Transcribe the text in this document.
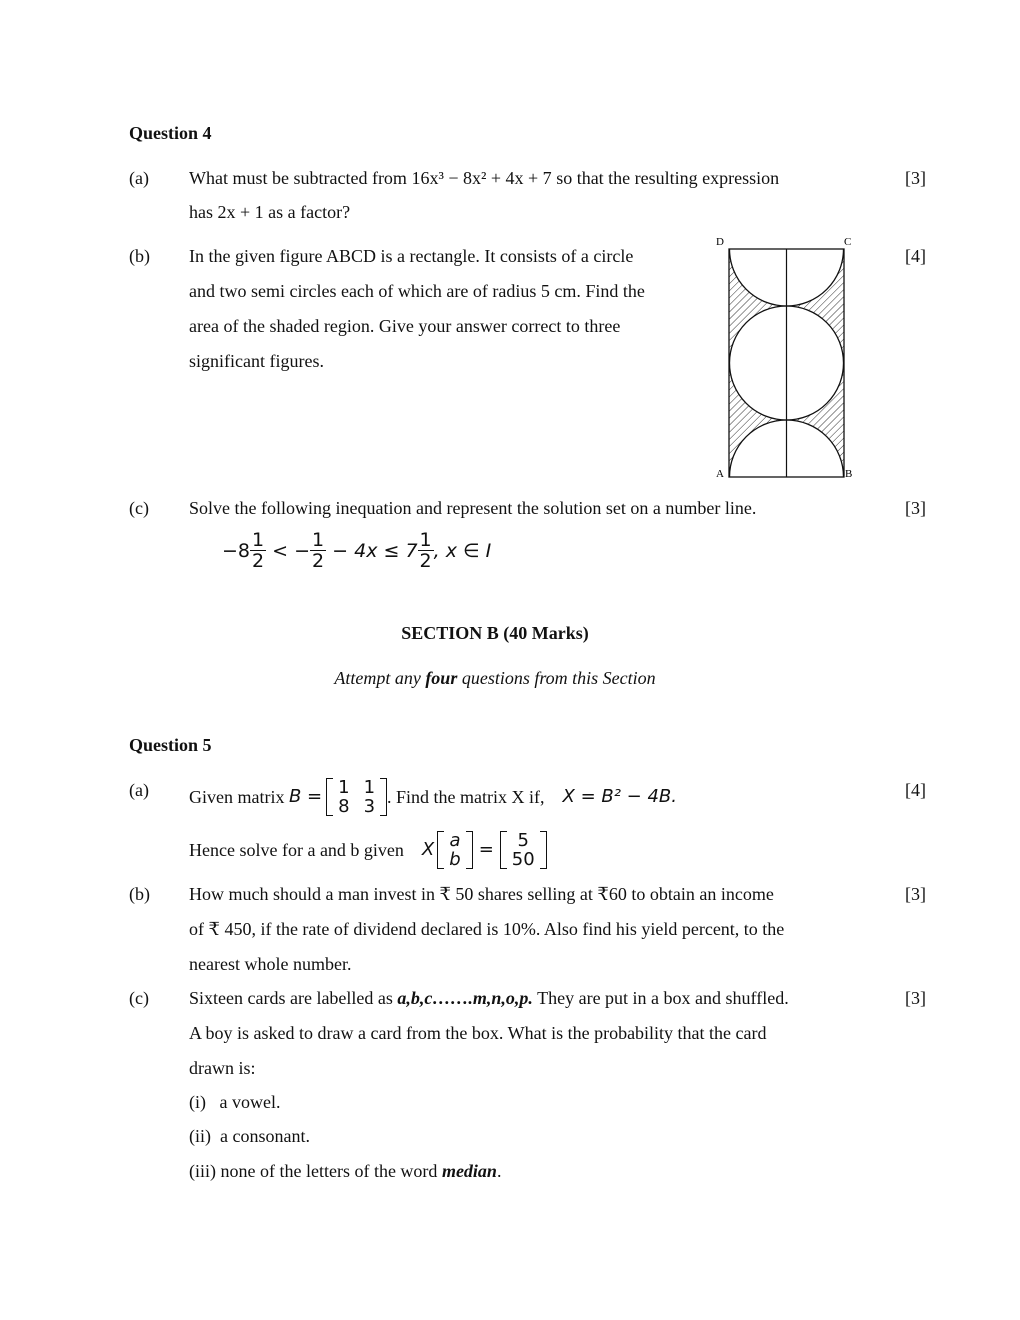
Question 4
(a) What must be subtracted from 16x³ − 8x² + 4x + 7 so that the resulting expression
has 2x + 1 as a factor?
[3]
(b) In the given figure ABCD is a rectangle. It consists of a circle
and two semi circles each of which are of radius 5 cm. Find the
area of the shaded region. Give your answer correct to three
significant figures.
[4]
D	C
A	B
(c) Solve the following inequation and represent the solution set on a number line.	[3]
$-8 \frac{1}{2}$ < − $\frac{1}{2} - 4x \le 7 \frac{1}{2}$ , x ∈ I
SECTION B (40 Marks)
Attempt any four questions from this Section
Question 5
(a)	[4]
Given matrix B = 1 1
8 3 . Find the matrix X if, X = B² − 4B.
Hence solve for a and b given X a
b =	5
50
(b) How much should a man invest in ₹ 50 shares selling at ₹60 to obtain an income
of ₹ 450, if the rate of dividend declared is 10%. Also find his yield percent, to the
nearest whole number.
[3]
(c) Sixteen cards are labelled as a,b,c…….m,n,o,p. They are put in a box and shuffled.
A boy is asked to draw a card from the box. What is the probability that the card
drawn is:
(i)   a vowel.
(ii)  a consonant.
(iii) none of the letters of the word median.
[3]
